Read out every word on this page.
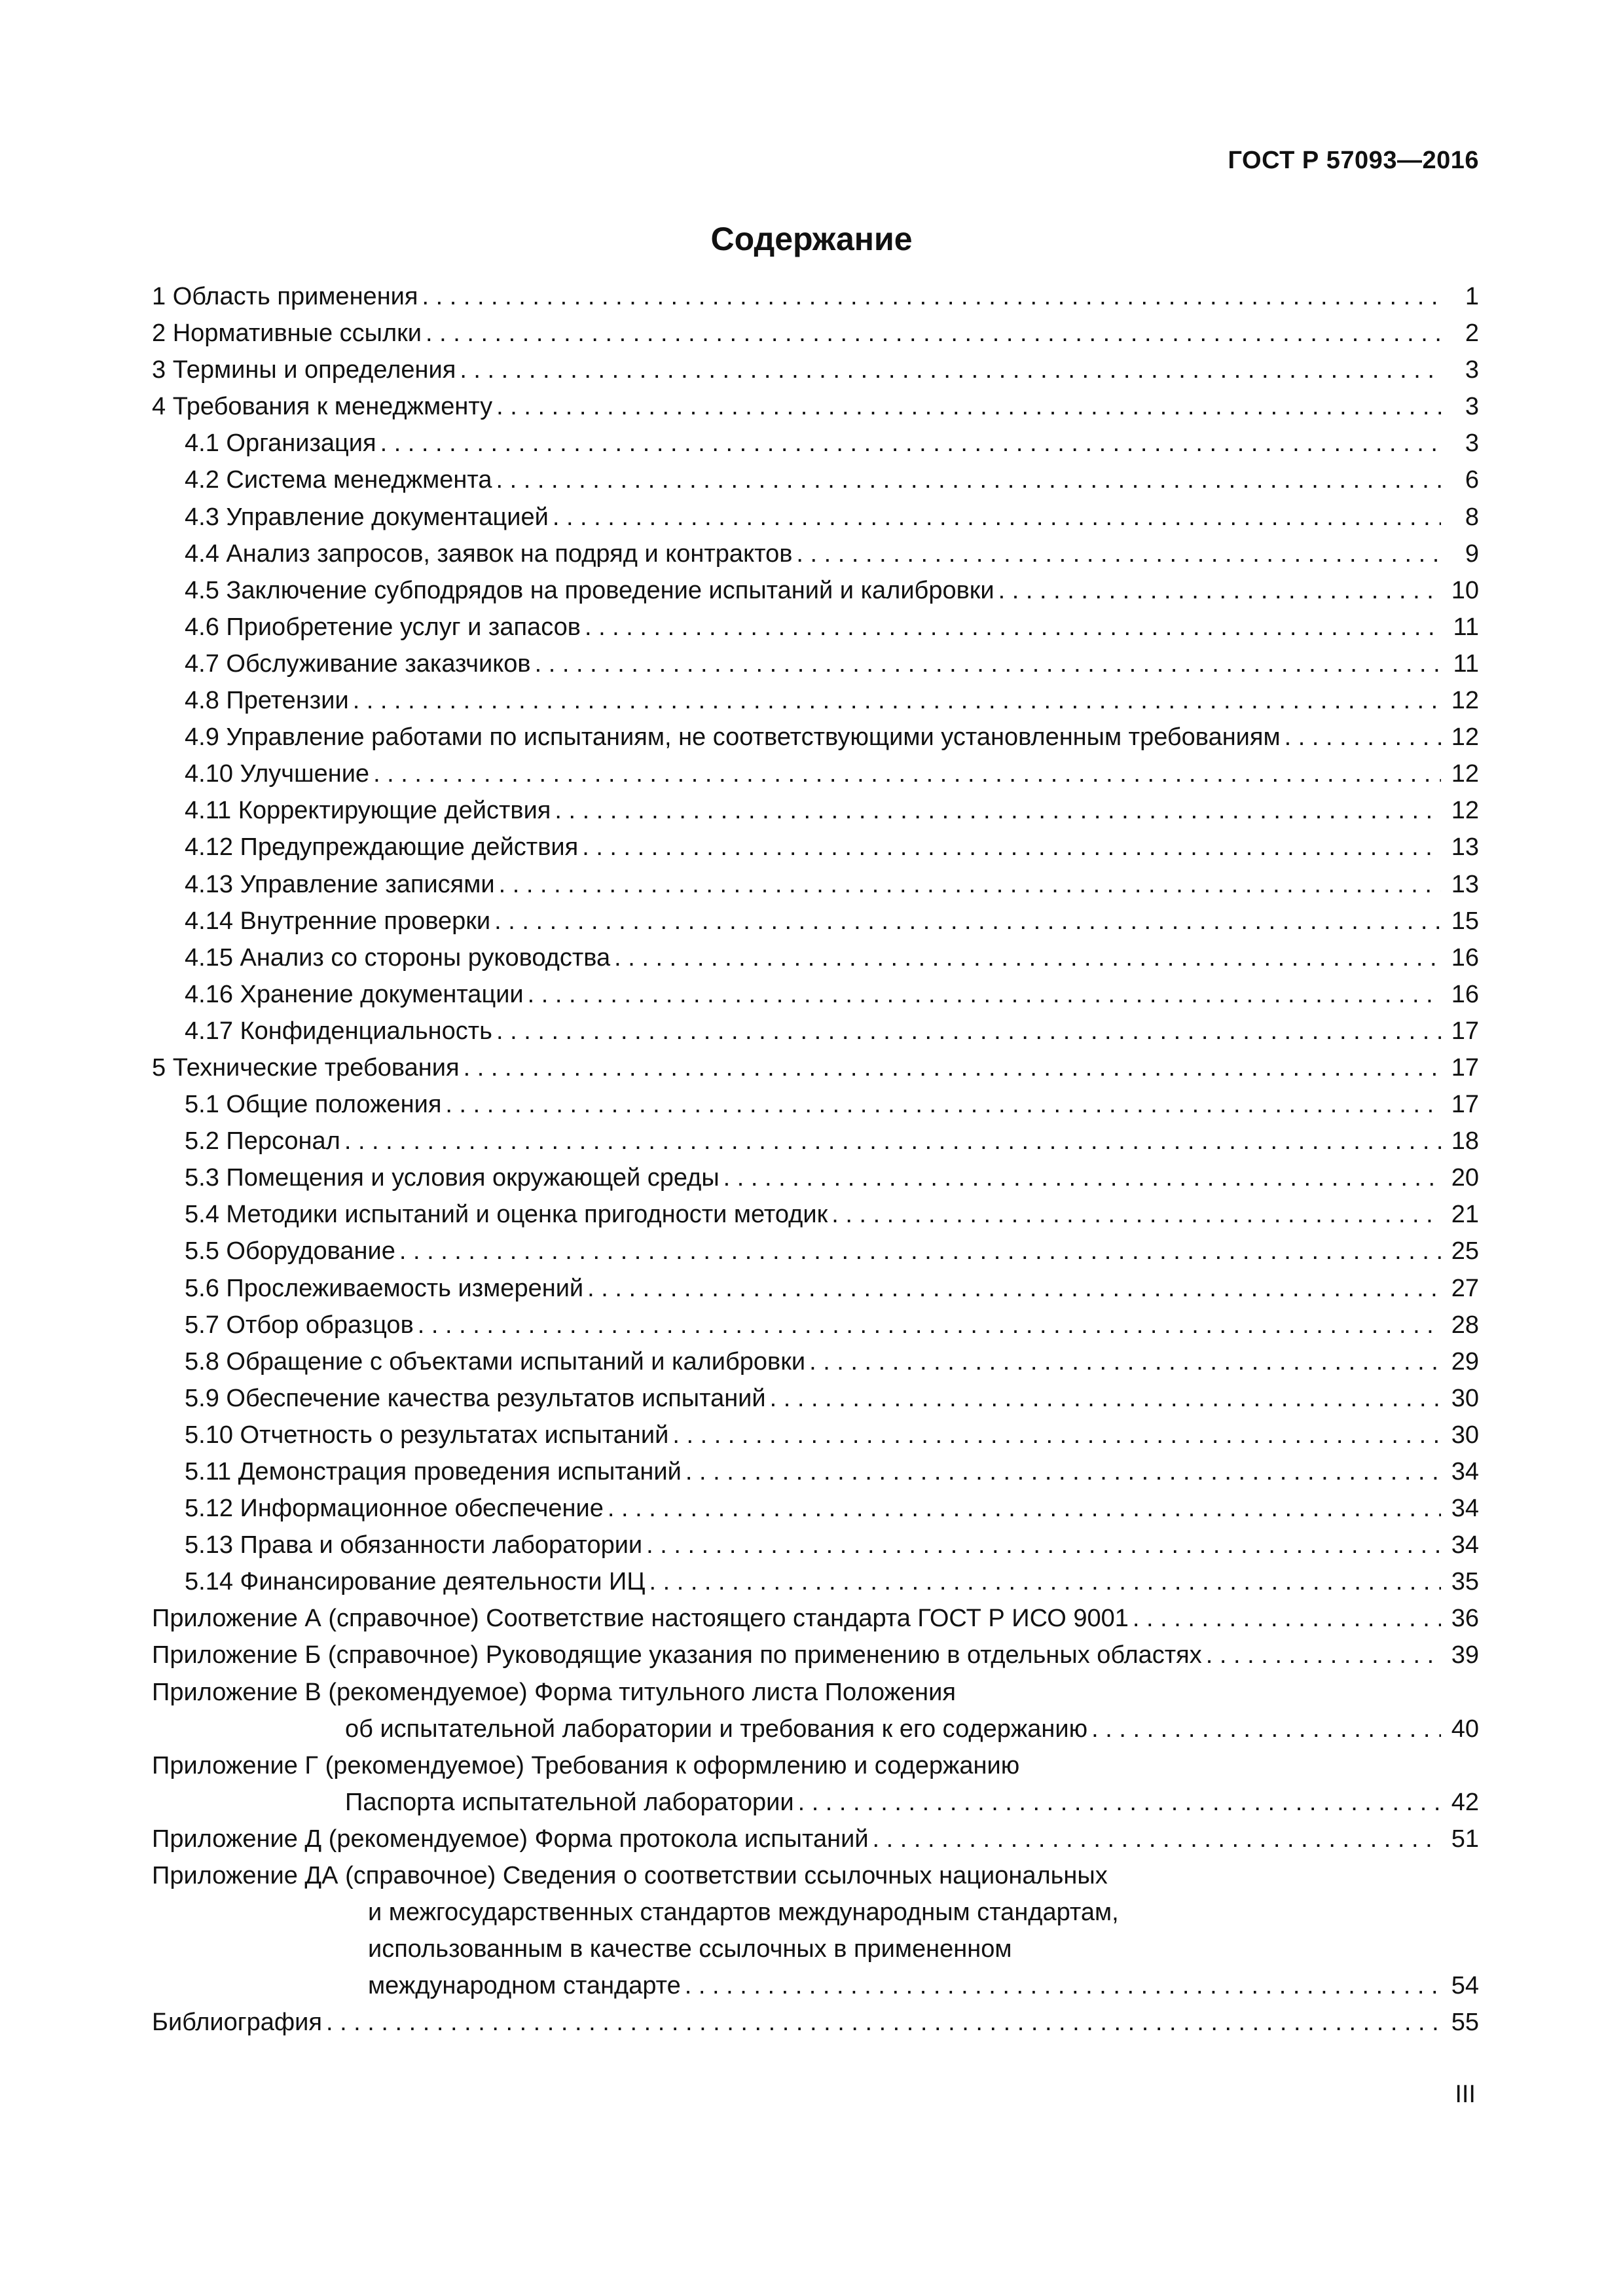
ГОСТ Р 57093—2016
Содержание
1 Область применения . . .	1
2 Нормативные ссылки . . .	2
3 Термины и определения . . .	3
4 Требования к менеджменту . . .	3
4.1 Организация . . .	3
4.2 Система менеджмента . . .	6
4.3 Управление документацией . . .	8
4.4 Анализ запросов, заявок на подряд и контрактов . . .	9
4.5 Заключение субподрядов на проведение испытаний и калибровки . . .	10
4.6 Приобретение услуг и запасов . . .	11
4.7 Обслуживание заказчиков . . .	11
4.8 Претензии . . .	12
4.9 Управление работами по испытаниям, не соответствующими установленным требованиям . . .	12
4.10 Улучшение . . .	12
4.11 Корректирующие действия . . .	12
4.12 Предупреждающие действия . . .	13
4.13 Управление записями . . .	13
4.14 Внутренние проверки . . .	15
4.15 Анализ со стороны руководства . . .	16
4.16 Хранение документации . . .	16
4.17 Конфиденциальность . . .	17
5 Технические требования . . .	17
5.1 Общие положения . . .	17
5.2 Персонал . . .	18
5.3 Помещения и условия окружающей среды . . .	20
5.4 Методики испытаний и оценка пригодности методик . . .	21
5.5 Оборудование . . .	25
5.6 Прослеживаемость измерений . . .	27
5.7 Отбор образцов . . .	28
5.8 Обращение с объектами испытаний и калибровки . . .	29
5.9 Обеспечение качества результатов испытаний . . .	30
5.10 Отчетность о результатах испытаний . . .	30
5.11 Демонстрация проведения испытаний . . .	34
5.12 Информационное обеспечение . . .	34
5.13 Права и обязанности лаборатории . . .	34
5.14 Финансирование деятельности ИЦ . . .	35
Приложение А (справочное) Соответствие настоящего стандарта ГОСТ Р ИСО 9001 . . .	36
Приложение Б (справочное) Руководящие указания по применению в отдельных областях . . .	39
Приложение В (рекомендуемое) Форма титульного листа Положения
об испытательной лаборатории и требования к его содержанию . . .	40
Приложение Г (рекомендуемое) Требования к оформлению и содержанию
Паспорта испытательной лаборатории . . .	42
Приложение Д (рекомендуемое) Форма протокола испытаний . . .	51
Приложение ДА (справочное) Сведения о соответствии ссылочных национальных
и межгосударственных стандартов международным стандартам,
использованным в качестве ссылочных в примененном
международном стандарте . . .	54
Библиография . . .	55
III
